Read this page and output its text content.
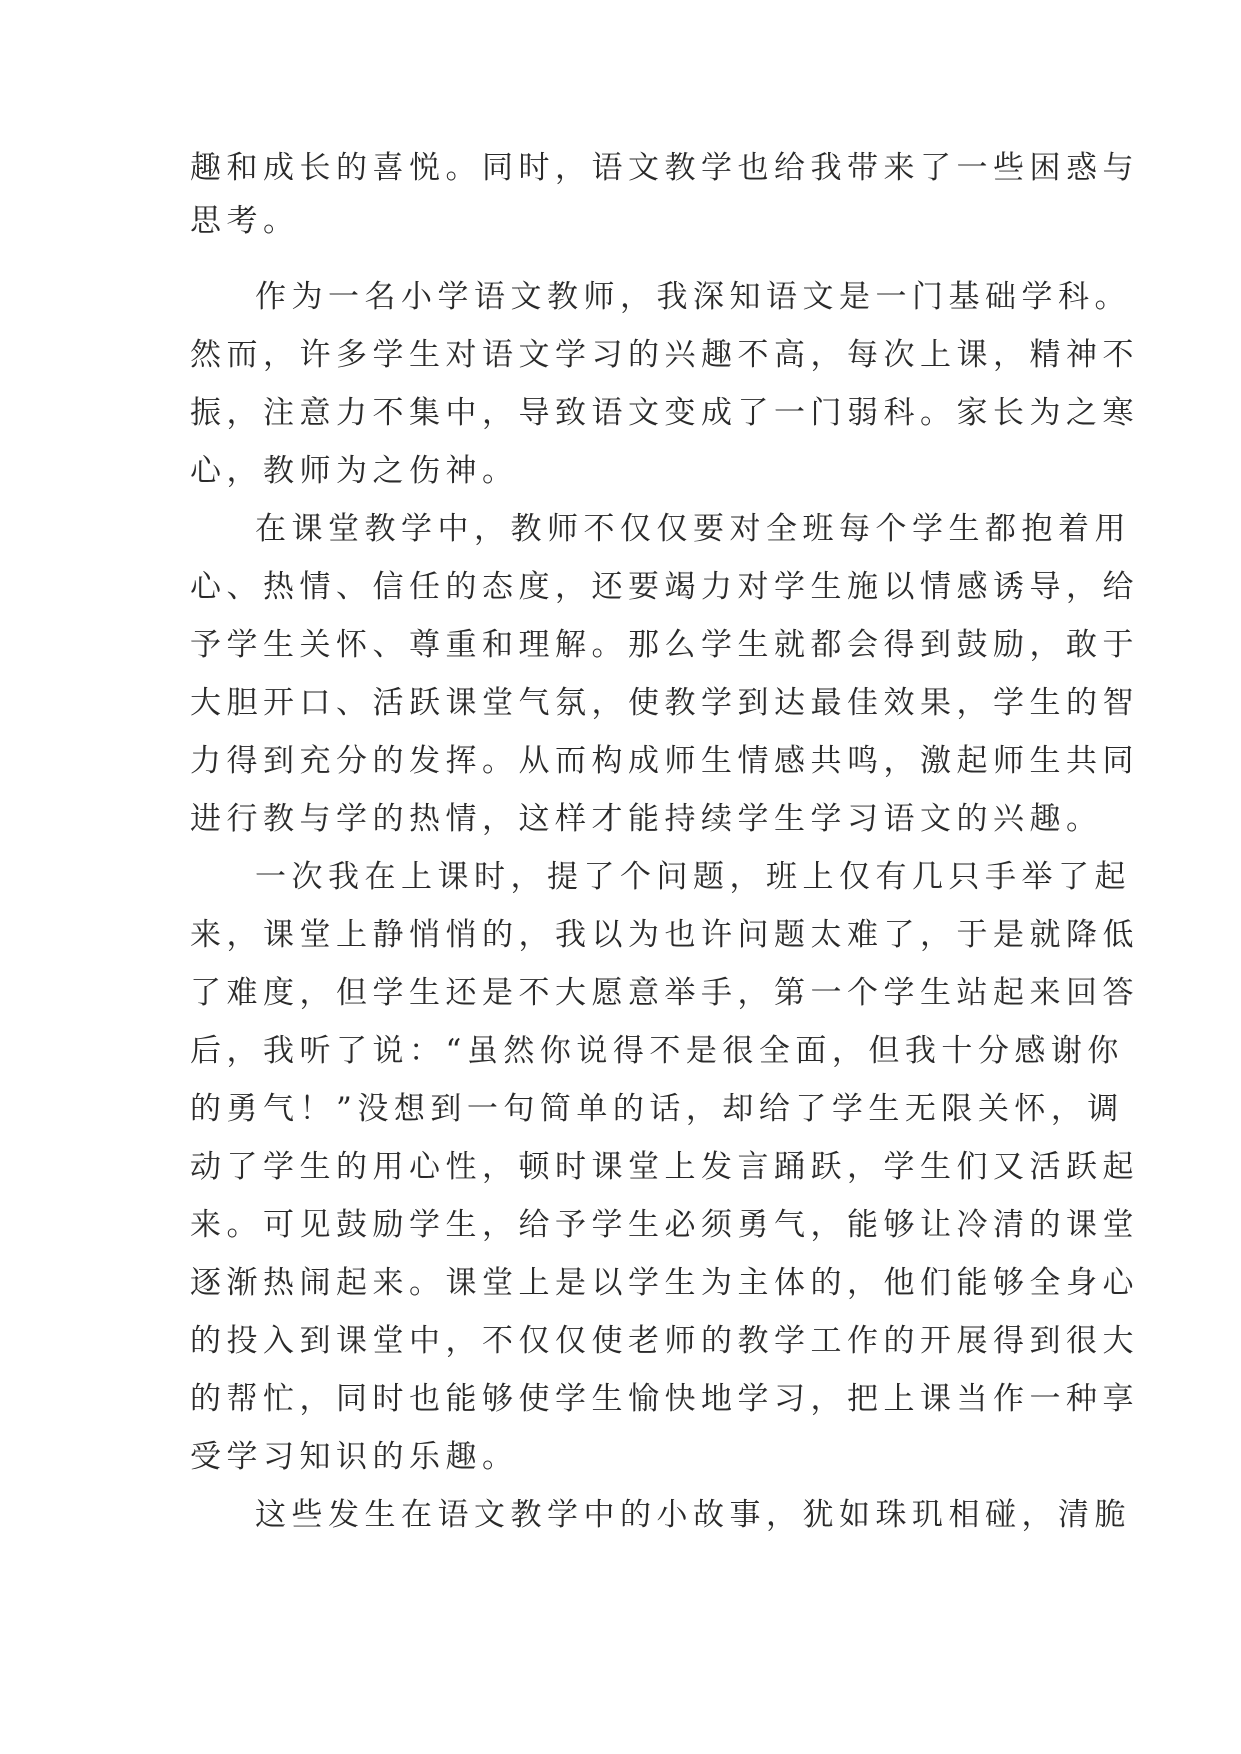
趣和成长的喜悦。同时，语文教学也给我带来了一些困惑与

思考。

作为一名小学语文教师，我深知语文是一门基础学科。

然而，许多学生对语文学习的兴趣不高，每次上课，精神不

振，注意力不集中，导致语文变成了一门弱科。家长为之寒

心，教师为之伤神。

在课堂教学中，教师不仅仅要对全班每个学生都抱着用

心、热情、信任的态度，还要竭力对学生施以情感诱导，给

予学生关怀、尊重和理解。那么学生就都会得到鼓励，敢于

大胆开口、活跃课堂气氛，使教学到达最佳效果，学生的智

力得到充分的发挥。从而构成师生情感共鸣，激起师生共同

进行教与学的热情，这样才能持续学生学习语文的兴趣。

一次我在上课时，提了个问题，班上仅有几只手举了起

来，课堂上静悄悄的，我以为也许问题太难了，于是就降低

了难度，但学生还是不大愿意举手，第一个学生站起来回答

后，我听了说：“虽然你说得不是很全面，但我十分感谢你

的勇气！”没想到一句简单的话，却给了学生无限关怀，调

动了学生的用心性，顿时课堂上发言踊跃，学生们又活跃起

来。可见鼓励学生，给予学生必须勇气，能够让冷清的课堂

逐渐热闹起来。课堂上是以学生为主体的，他们能够全身心

的投入到课堂中，不仅仅使老师的教学工作的开展得到很大

的帮忙，同时也能够使学生愉快地学习，把上课当作一种享

受学习知识的乐趣。

这些发生在语文教学中的小故事，犹如珠玑相碰，清脆
